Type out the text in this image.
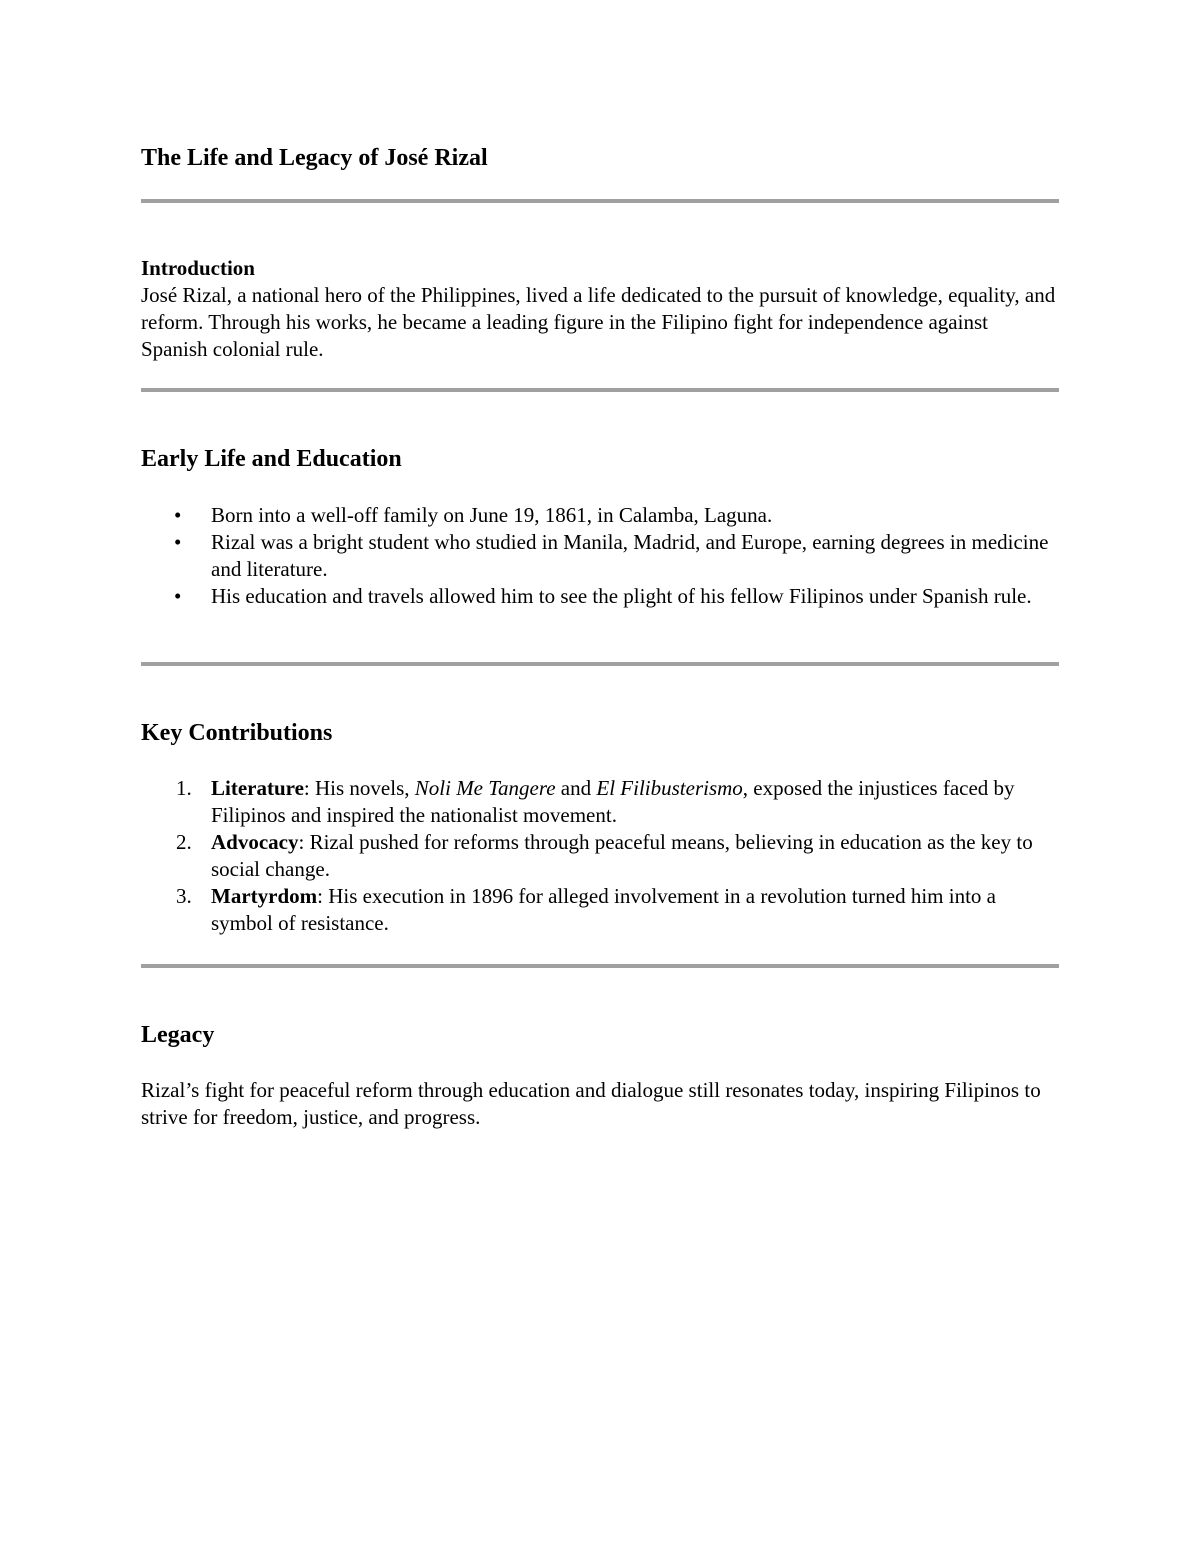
The Life and Legacy of José Rizal
Introduction
José Rizal, a national hero of the Philippines, lived a life dedicated to the pursuit of knowledge, equality, and reform. Through his works, he became a leading figure in the Filipino fight for independence against Spanish colonial rule.
Early Life and Education
• Born into a well-off family on June 19, 1861, in Calamba, Laguna.
• Rizal was a bright student who studied in Manila, Madrid, and Europe, earning degrees in medicine and literature.
• His education and travels allowed him to see the plight of his fellow Filipinos under Spanish rule.
Key Contributions
1. Literature: His novels, Noli Me Tangere and El Filibusterismo, exposed the injustices faced by Filipinos and inspired the nationalist movement.
2. Advocacy: Rizal pushed for reforms through peaceful means, believing in education as the key to social change.
3. Martyrdom: His execution in 1896 for alleged involvement in a revolution turned him into a symbol of resistance.
Legacy
Rizal’s fight for peaceful reform through education and dialogue still resonates today, inspiring Filipinos to strive for freedom, justice, and progress.
